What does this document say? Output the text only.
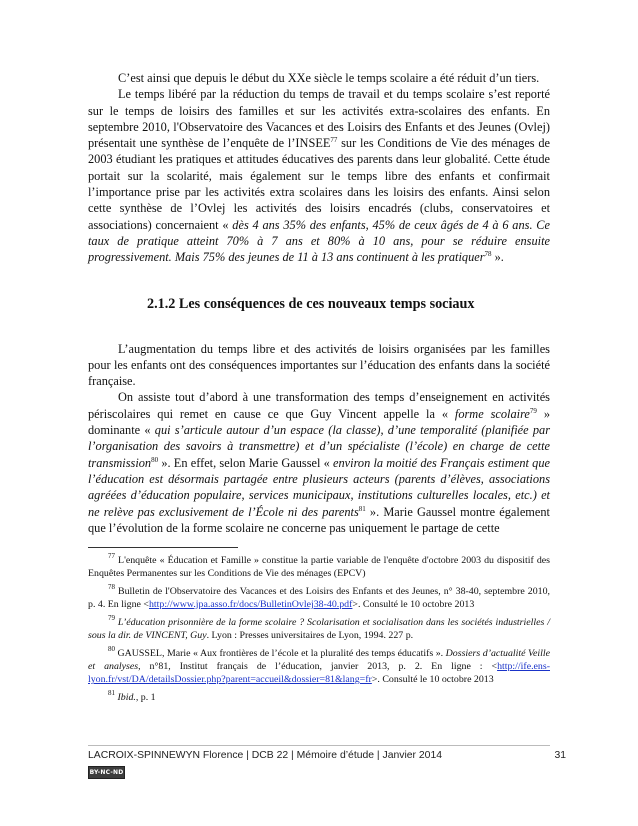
C’est ainsi que depuis le début du XXe siècle le temps scolaire a été réduit d’un tiers.

Le temps libéré par la réduction du temps de travail et du temps scolaire s’est reporté sur le temps de loisirs des familles et sur les activités extra-scolaires des enfants. En septembre 2010, l'Observatoire des Vacances et des Loisirs des Enfants et des Jeunes (Ovlej) présentait une synthèse de l’enquête de l’INSEE$^{77}$ sur les Conditions de Vie des ménages de 2003 étudiant les pratiques et attitudes éducatives des parents dans leur globalité. Cette étude portait sur la scolarité, mais également sur le temps libre des enfants et confirmait l’importance prise par les activités extra scolaires dans les loisirs des enfants. Ainsi selon cette synthèse de l’Ovlej les activités des loisirs encadrés (clubs, conservatoires et associations) concernaient « dès 4 ans 35% des enfants, 45% de ceux âgés de 4 à 6 ans. Ce taux de pratique atteint 70% à 7 ans et 80% à 10 ans, pour se réduire ensuite progressivement. Mais 75% des jeunes de 11 à 13 ans continuent à les pratiquer$^{78}$ ».

2.1.2 Les conséquences de ces nouveaux temps sociaux

L’augmentation du temps libre et des activités de loisirs organisées par les familles pour les enfants ont des conséquences importantes sur l’éducation des enfants dans la société française.

On assiste tout d’abord à une transformation des temps d’enseignement en activités périscolaires qui remet en cause ce que Guy Vincent appelle la « forme scolaire$^{79}$ » dominante « qui s’articule autour d’un espace (la classe), d’une temporalité (planifiée par l’organisation des savoirs à transmettre) et d’un spécialiste (l’école) en charge de cette transmission$^{80}$ ». En effet, selon Marie Gaussel « environ la moitié des Français estiment que l’éducation est désormais partagée entre plusieurs acteurs (parents d’élèves, associations agréées d’éducation populaire, services municipaux, institutions culturelles locales, etc.) et ne relève pas exclusivement de l’École ni des parents$^{81}$ ». Marie Gaussel montre également que l’évolution de la forme scolaire ne concerne pas uniquement le partage de cette

$^{77}$ L'enquête « Éducation et Famille » constitue la partie variable de l'enquête d'octobre 2003 du dispositif des Enquêtes Permanentes sur les Conditions de Vie des ménages (EPCV)

$^{78}$ Bulletin de l'Observatoire des Vacances et des Loisirs des Enfants et des Jeunes, n° 38-40, septembre 2010, p. 4. En ligne <http://www.jpa.asso.fr/docs/BulletinOvlej38-40.pdf>. Consulté le 10 octobre 2013

$^{79}$ L’éducation prisonnière de la forme scolaire ? Scolarisation et socialisation dans les sociétés industrielles / sous la dir. de VINCENT, Guy. Lyon : Presses universitaires de Lyon, 1994. 227 p.

$^{80}$ GAUSSEL, Marie « Aux frontières de l’école et la pluralité des temps éducatifs ». Dossiers d’actualité Veille et analyses, n°81, Institut français de l’éducation, janvier 2013, p. 2. En ligne : <http://ife.ens-lyon.fr/vst/DA/detailsDossier.php?parent=accueil&dossier=81&lang=fr>. Consulté le 10 octobre 2013

$^{81}$ Ibid., p. 1

LACROIX-SPINNEWYN Florence | DCB 22 | Mémoire d’étude | Janvier 2014	31
BY-NC-ND
